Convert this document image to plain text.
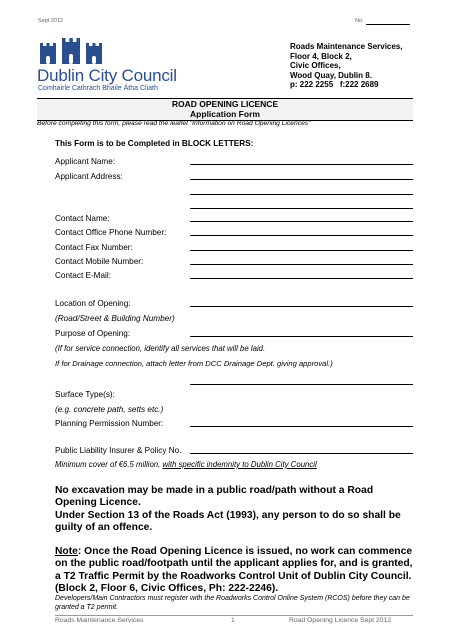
Sept 2012	No.
Dublin City Council
Comhairle Cathrach Bhaile Átha Cliath
Roads Maintenance Services,
Floor 4, Block 2,
Civic Offices,
Wood Quay, Dublin 8.
p: 222 2255 f:222 2689
ROAD OPENING LICENCE
Application Form
Before completing this form, please read the leaflet "Information on Road Opening Licences"
This Form is to be Completed in BLOCK LETTERS:
Applicant Name:
Applicant Address:
Contact Name:
Contact Office Phone Number:
Contact Fax Number:
Contact Mobile Number:
Contact E-Mail:
Location of Opening:
(Road/Street & Building Number)
Purpose of Opening:
(If for service connection, identify all services that will be laid.
If for Drainage connection, attach letter from DCC Drainage Dept. giving approval.)
Surface Type(s):
(e.g. concrete path, setts etc.)
Planning Permission Number:
Public Liability Insurer & Policy No.
Minimum cover of €6.5 million, with specific indemnity to Dublin City Council
No excavation may be made in a public road/path without a Road Opening Licence.
Under Section 13 of the Roads Act (1993), any person to do so shall be guilty of an offence.
Note: Once the Road Opening Licence is issued, no work can commence on the public road/footpath until the applicant applies for, and is granted, a T2 Traffic Permit by the Roadworks Control Unit of Dublin City Council. (Block 2, Floor 6, Civic Offices, Ph: 222-2246).
Developers/Main Contractors must register with the Roadworks Control Online System (RCOS) before they can be granted a T2 permit.
Roads Maintenance Services	1	Road Opening Licence Sept 2012
